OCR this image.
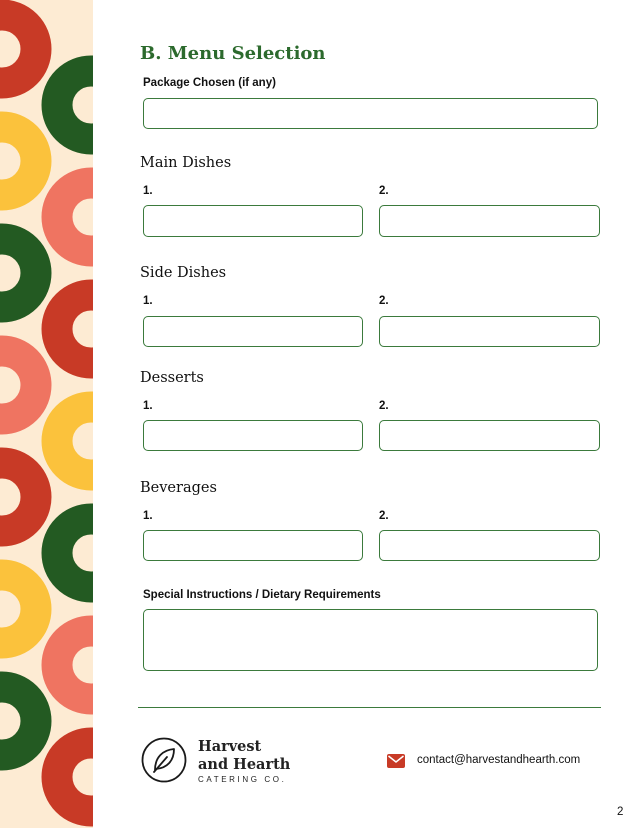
B. Menu Selection
Package Chosen (if any)
Main Dishes
1.	2.
Side Dishes
1.	2.
Desserts
1.	2.
Beverages
1.	2.
Special Instructions / Dietary Requirements
Harvest
and Hearth
CATERING CO.
contact@harvestandhearth.com
2
